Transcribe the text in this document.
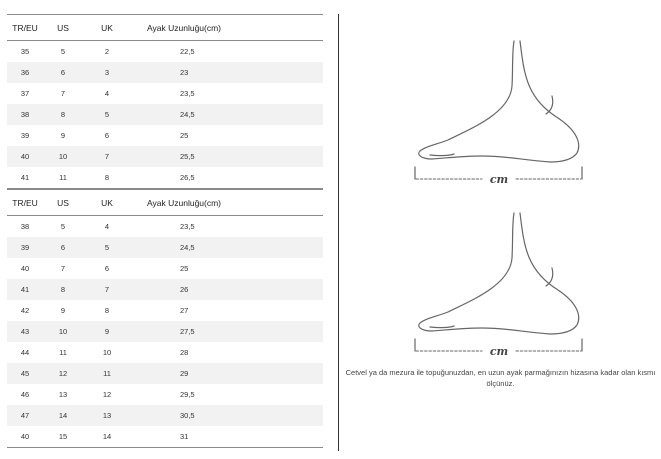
TR/EU	US	UK	Ayak Uzunluğu(cm)
35	5	2	22,5
36	6	3	23
37	7	4	23,5
38	8	5	24,5
39	9	6	25
40	10	7	25,5
41	11	8	26,5
TR/EU	US	UK	Ayak Uzunluğu(cm)
38	5	4	23,5
39	6	5	24,5
40	7	6	25
41	8	7	26
42	9	8	27
43	10	9	27,5
44	11	10	28
45	12	11	29
46	13	12	29,5
47	14	13	30,5
40	15	14	31
cm
cm
Cetvel ya da mezura ile topuğunuzdan, en uzun ayak parmağınızın hizasına kadar olan kısmı ölçünüz.
